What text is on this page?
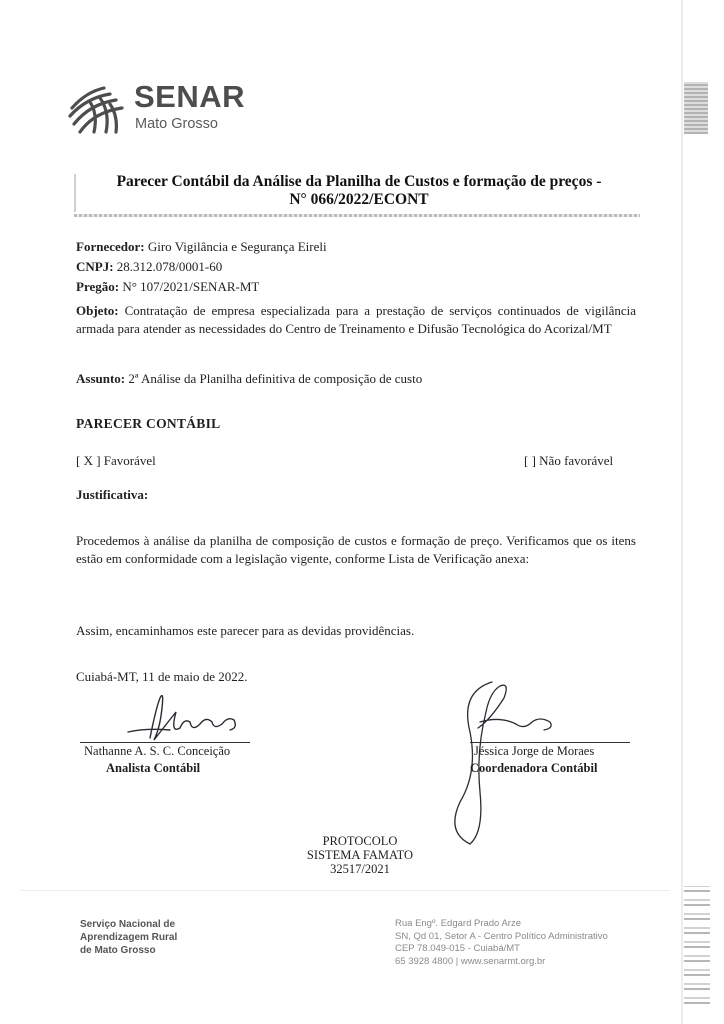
SENAR
Mato Grosso
Parecer Contábil da Análise da Planilha de Custos e formação de preços -
N° 066/2022/ECONT
Fornecedor: Giro Vigilância e Segurança Eireli
CNPJ: 28.312.078/0001-60
Pregão: N° 107/2021/SENAR-MT
Objeto: Contratação de empresa especializada para a prestação de serviços continuados de vigilância armada para atender as necessidades do Centro de Treinamento e Difusão Tecnológica do Acorizal/MT
Assunto: 2ª Análise da Planilha definitiva de composição de custo
PARECER CONTÁBIL
[ X ] Favorável	[ ] Não favorável
Justificativa:
Procedemos à análise da planilha de composição de custos e formação de preço. Verificamos que os itens estão em conformidade com a legislação vigente, conforme Lista de Verificação anexa:
Assim, encaminhamos este parecer para as devidas providências.
Cuiabá-MT, 11 de maio de 2022.
Nathanne A. S. C. Conceição
Analista Contábil
Jéssica Jorge de Moraes
Coordenadora Contábil
PROTOCOLO
SISTEMA FAMATO
32517/2021
Serviço Nacional de
Aprendizagem Rural
de Mato Grosso
Rua Engº. Edgard Prado Arze
SN, Qd 01, Setor A - Centro Político Administrativo
CEP 78.049-015 - Cuiabá/MT
65 3928 4800 | www.senarmt.org.br
